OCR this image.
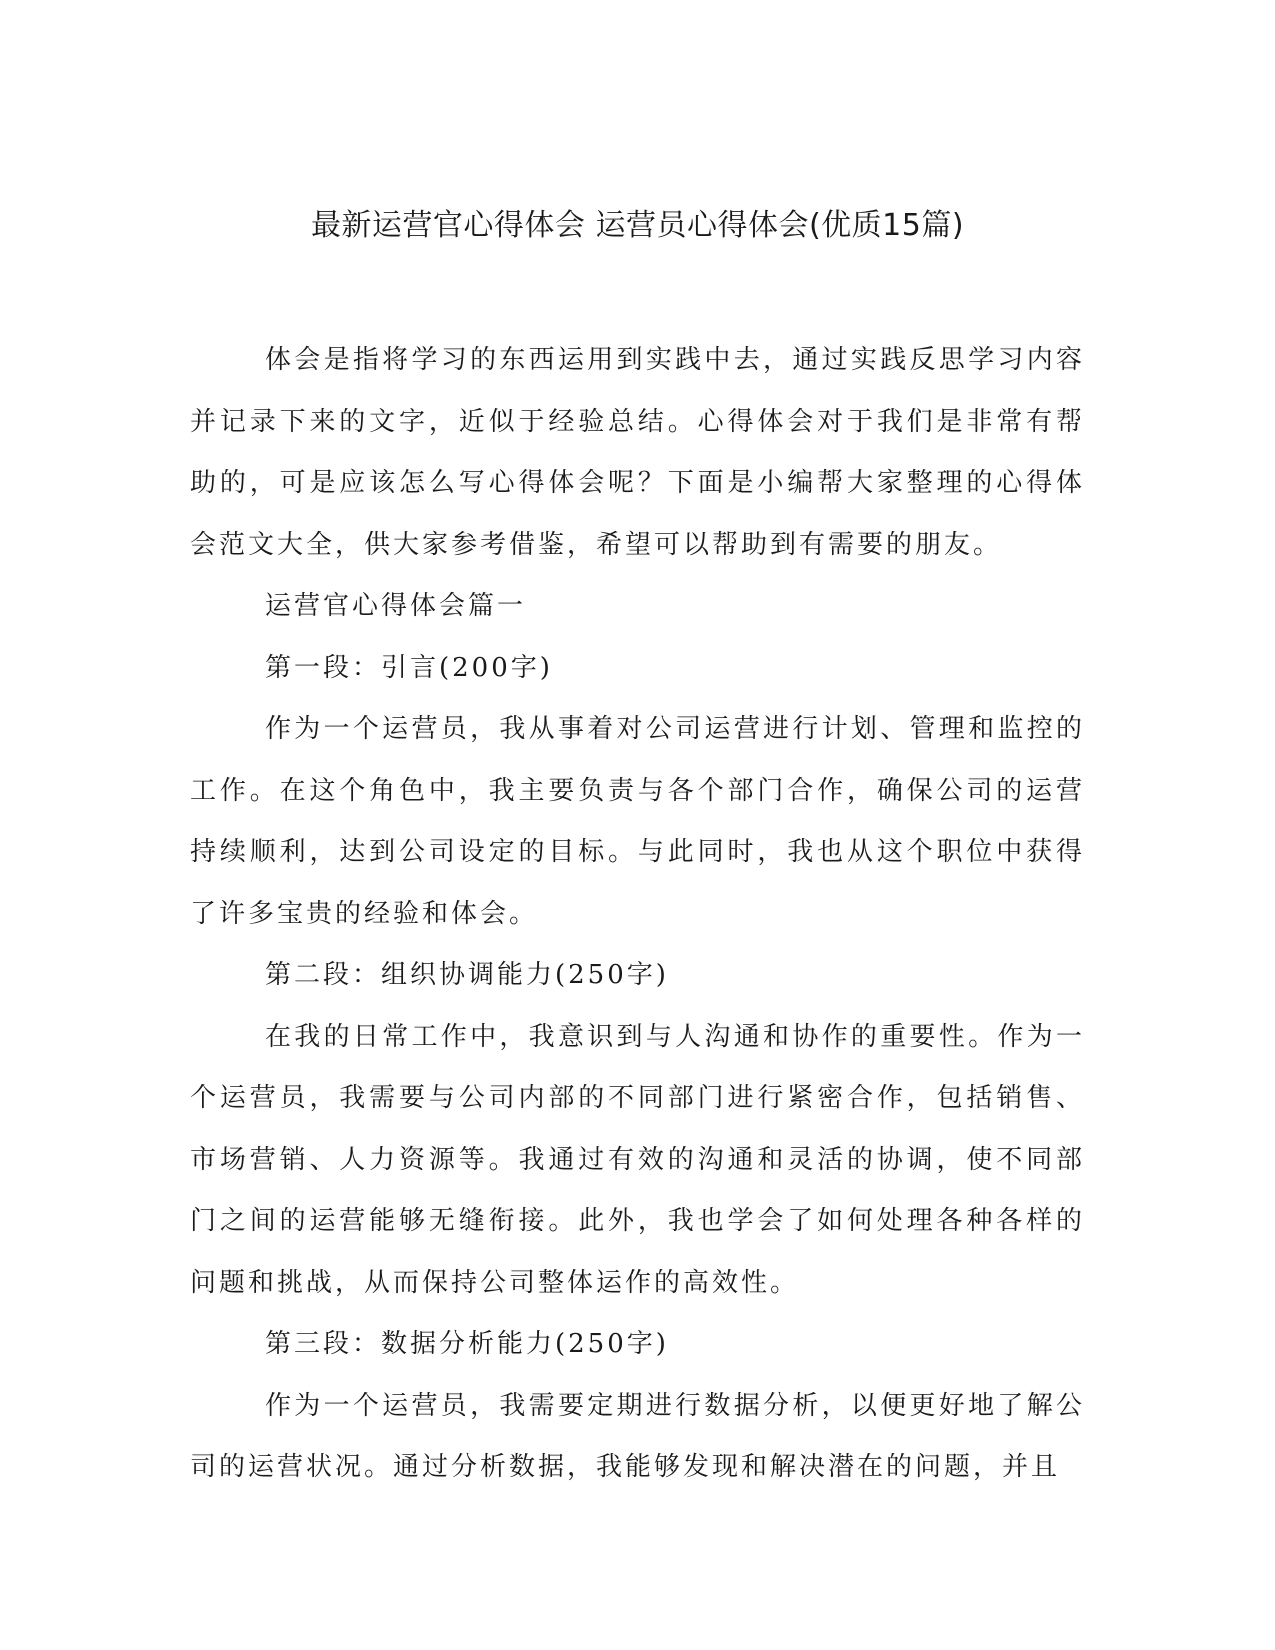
最新运营官心得体会 运营员心得体会(优质15篇)

体会是指将学习的东西运用到实践中去，通过实践反思学习内容并记录下来的文字，近似于经验总结。心得体会对于我们是非常有帮助的，可是应该怎么写心得体会呢？下面是小编帮大家整理的心得体会范文大全，供大家参考借鉴，希望可以帮助到有需要的朋友。

运营官心得体会篇一

第一段：引言(200字)

作为一个运营员，我从事着对公司运营进行计划、管理和监控的工作。在这个角色中，我主要负责与各个部门合作，确保公司的运营持续顺利，达到公司设定的目标。与此同时，我也从这个职位中获得了许多宝贵的经验和体会。

第二段：组织协调能力(250字)

在我的日常工作中，我意识到与人沟通和协作的重要性。作为一个运营员，我需要与公司内部的不同部门进行紧密合作，包括销售、市场营销、人力资源等。我通过有效的沟通和灵活的协调，使不同部门之间的运营能够无缝衔接。此外，我也学会了如何处理各种各样的问题和挑战，从而保持公司整体运作的高效性。

第三段：数据分析能力(250字)

作为一个运营员，我需要定期进行数据分析，以便更好地了解公司的运营状况。通过分析数据，我能够发现和解决潜在的问题，并且
